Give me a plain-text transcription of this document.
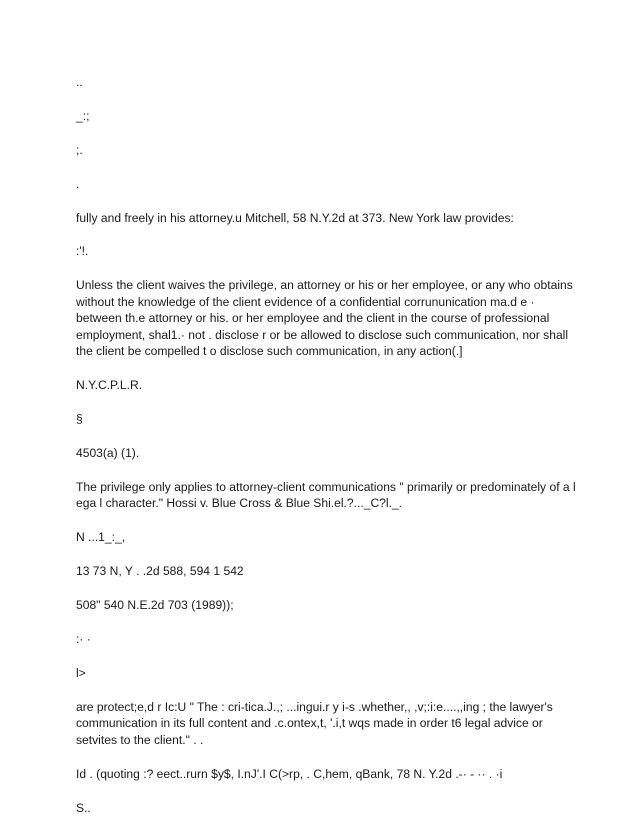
..

_:;

;.

.

fully and freely in his attorney.u Mitchell, 58 N.Y.2d at 373. New York law provides:

:'!.

Unless the client waives the privilege, an attorney or his or her employee, or any who obtains without the knowledge of the client evidence of a confidential corrununication ma.d e · between th.e attorney or his. or her employee and the client in the course of professional employment, shal1.· not . disclose r or be allowed to disclose such communication, nor shall the client be compelled t o disclose such communication, in any action(.]

N.Y.C.P.L.R.

§

4503(a) (1).

The privilege only applies to attorney-client communications " primarily or predominately of a l ega l character." Hossi v. Blue Cross & Blue Shi.el.?..._C?l._.

N ...1_:_,

13 73 N, Y . .2d 588, 594 1 542

508" 540 N.E.2d 703 (1989));

:· ·

l>

are protect;e,d r Ic:U " The : cri-tica.J.,; ...ingui.r y i-s .whether,, ,v;:i:e....,,ing ; the lawyer's communication in its full content and .c.ontex,t, '.i,t wqs made in order t6 legal advice or setvites to the client." . .

Id . (quoting :? eect..rurn $y$, I.nJ'.I C(>rp, . C,hem, qBank, 78 N. Y.2d .-· - ·· . ·i

S..
